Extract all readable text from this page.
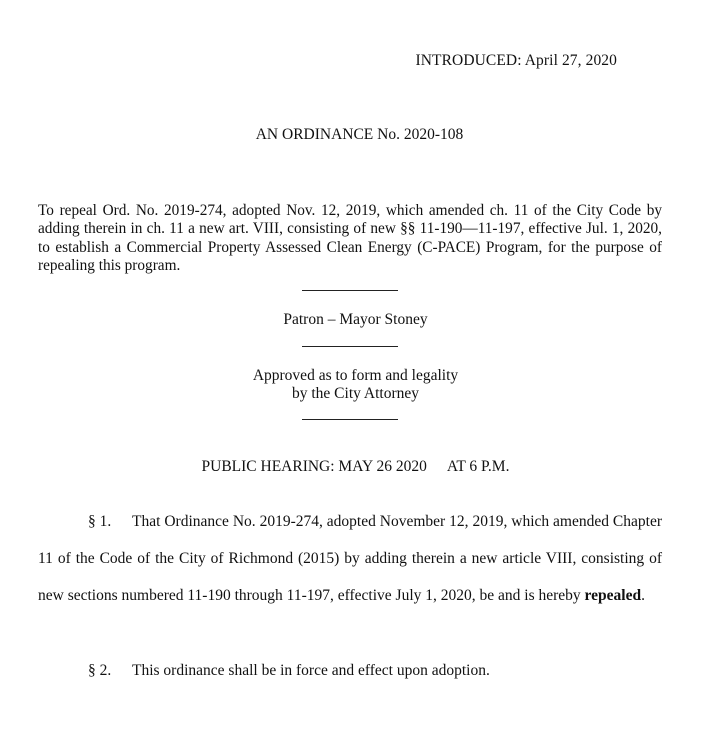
INTRODUCED: April 27, 2020
AN ORDINANCE No. 2020-108
To repeal Ord. No. 2019-274, adopted Nov. 12, 2019, which amended ch. 11 of the City Code by adding therein in ch. 11 a new art. VIII, consisting of new §§ 11-190—11-197, effective Jul. 1, 2020, to establish a Commercial Property Assessed Clean Energy (C-PACE) Program, for the purpose of repealing this program.
Patron – Mayor Stoney
Approved as to form and legality
by the City Attorney
PUBLIC HEARING: MAY 26 2020 AT 6 P.M.
§ 1. That Ordinance No. 2019-274, adopted November 12, 2019, which amended Chapter 11 of the Code of the City of Richmond (2015) by adding therein a new article VIII, consisting of new sections numbered 11-190 through 11-197, effective July 1, 2020, be and is hereby repealed.
§ 2. This ordinance shall be in force and effect upon adoption.
